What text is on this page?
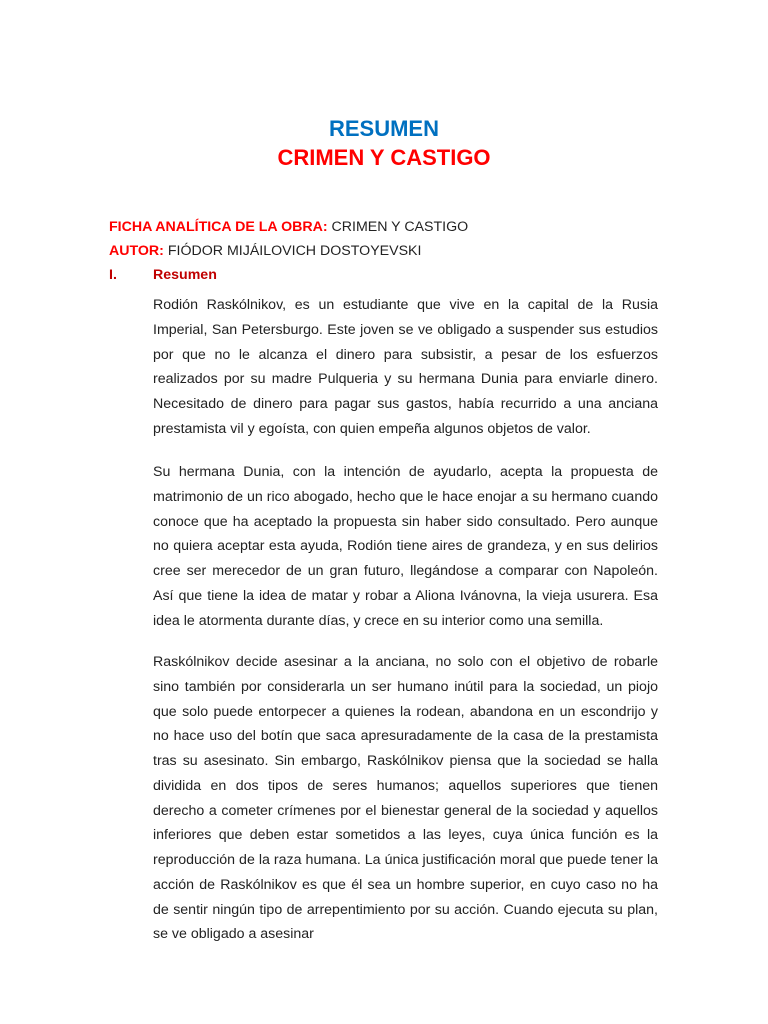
RESUMEN
CRIMEN Y CASTIGO
FICHA ANALÍTICA DE LA OBRA: CRIMEN Y CASTIGO
AUTOR: FIÓDOR MIJÁILOVICH DOSTOYEVSKI
I.	Resumen

Rodión Raskólnikov, es un estudiante que vive en la capital de la Rusia Imperial, San Petersburgo. Este joven se ve obligado a suspender sus estudios por que no le alcanza el dinero para subsistir, a pesar de los esfuerzos realizados por su madre Pulqueria y su hermana Dunia para enviarle dinero. Necesitado de dinero para pagar sus gastos, había recurrido a una anciana prestamista vil y egoísta, con quien empeña algunos objetos de valor.

Su hermana Dunia, con la intención de ayudarlo, acepta la propuesta de matrimonio de un rico abogado, hecho que le hace enojar a su hermano cuando conoce que ha aceptado la propuesta sin haber sido consultado. Pero aunque no quiera aceptar esta ayuda, Rodión tiene aires de grandeza, y en sus delirios cree ser merecedor de un gran futuro, llegándose a comparar con Napoleón. Así que tiene la idea de matar y robar a Aliona Ivánovna, la vieja usurera. Esa idea le atormenta durante días, y crece en su interior como una semilla.

Raskólnikov decide asesinar a la anciana, no solo con el objetivo de robarle sino también por considerarla un ser humano inútil para la sociedad, un piojo que solo puede entorpecer a quienes la rodean, abandona en un escondrijo y no hace uso del botín que saca apresuradamente de la casa de la prestamista tras su asesinato. Sin embargo, Raskólnikov piensa que la sociedad se halla dividida en dos tipos de seres humanos; aquellos superiores que tienen derecho a cometer crímenes por el bienestar general de la sociedad y aquellos inferiores que deben estar sometidos a las leyes, cuya única función es la reproducción de la raza humana. La única justificación moral que puede tener la acción de Raskólnikov es que él sea un hombre superior, en cuyo caso no ha de sentir ningún tipo de arrepentimiento por su acción. Cuando ejecuta su plan, se ve obligado a asesinar
